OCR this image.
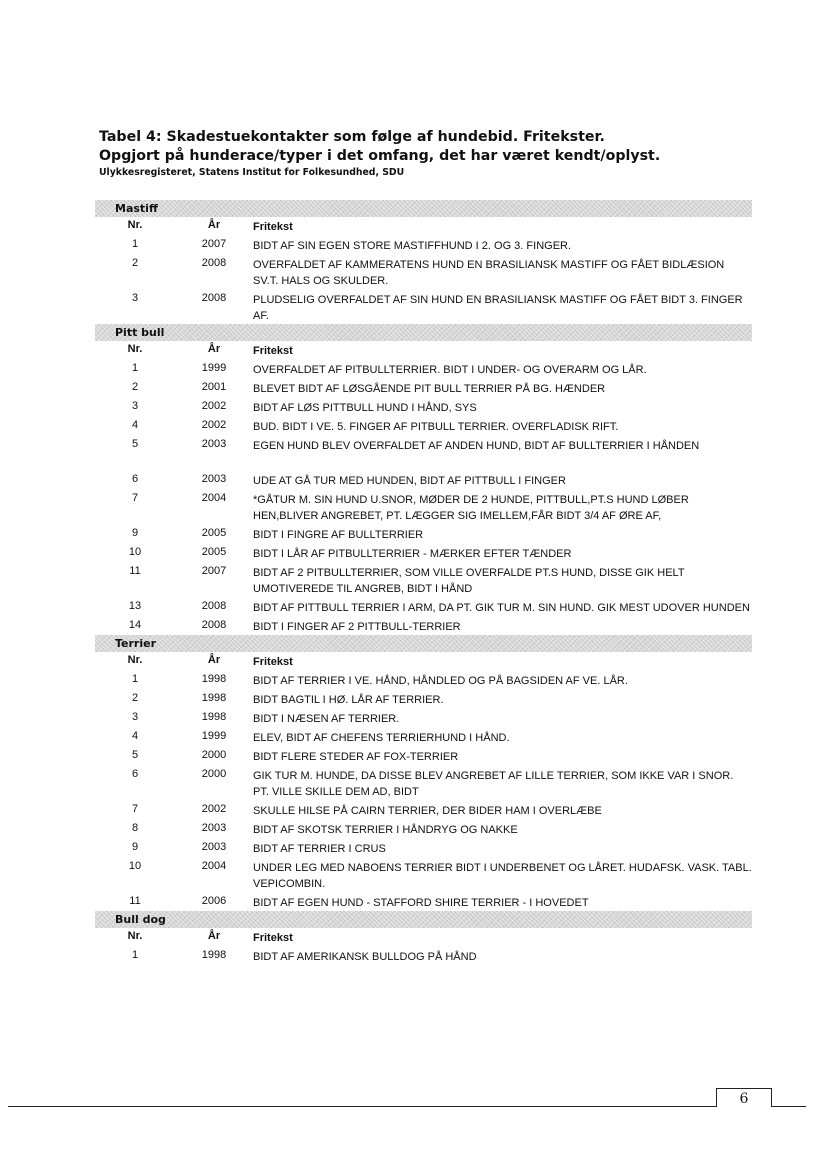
Tabel 4: Skadestuekontakter som følge af hundebid. Fritekster.
Opgjort på hunderace/typer i det omfang, det har været kendt/oplyst.
Ulykkesregisteret, Statens Institut for Folkesundhed, SDU
Mastiff
Nr.	År	Fritekst
1	2007	BIDT AF SIN EGEN STORE MASTIFFHUND I 2. OG 3. FINGER.
2	2008	OVERFALDET AF KAMMERATENS HUND EN BRASILIANSK MASTIFF OG FÅET BIDLÆSION SV.T. HALS OG SKULDER.
3	2008	PLUDSELIG OVERFALDET AF SIN HUND EN BRASILIANSK MASTIFF OG FÅET BIDT 3. FINGER AF.
Pitt bull
Nr.	År	Fritekst
1	1999	OVERFALDET AF PITBULLTERRIER. BIDT I UNDER- OG OVERARM OG LÅR.
2	2001	BLEVET BIDT AF LØSGÅENDE PIT BULL TERRIER PÅ BG. HÆNDER
3	2002	BIDT AF LØS PITTBULL HUND I HÅND, SYS
4	2002	BUD. BIDT I VE. 5. FINGER AF PITBULL TERRIER. OVERFLADISK RIFT.
5	2003	EGEN HUND BLEV OVERFALDET AF ANDEN HUND, BIDT AF BULLTERRIER I HÅNDEN
6	2003	UDE AT GÅ TUR MED HUNDEN, BIDT AF PITTBULL I FINGER
7	2004	*GÅTUR M. SIN HUND U.SNOR, MØDER DE 2 HUNDE, PITTBULL,PT.S HUND LØBER HEN,BLIVER ANGREBET, PT. LÆGGER SIG IMELLEM,FÅR BIDT 3/4 AF ØRE AF,
9	2005	BIDT I FINGRE AF BULLTERRIER
10	2005	BIDT I LÅR AF PITBULLTERRIER - MÆRKER EFTER TÆNDER
11	2007	BIDT AF 2 PITBULLTERRIER, SOM VILLE OVERFALDE PT.S HUND, DISSE GIK HELT UMOTIVEREDE TIL ANGREB, BIDT I HÅND
13	2008	BIDT AF PITTBULL TERRIER I ARM, DA PT. GIK TUR M. SIN HUND. GIK MEST UDOVER HUNDEN
14	2008	BIDT I FINGER AF 2 PITTBULL-TERRIER
Terrier
Nr.	År	Fritekst
1	1998	BIDT AF TERRIER I VE. HÅND, HÅNDLED OG PÅ BAGSIDEN AF VE. LÅR.
2	1998	BIDT BAGTIL I HØ. LÅR AF TERRIER.
3	1998	BIDT I NÆSEN AF TERRIER.
4	1999	ELEV, BIDT AF CHEFENS TERRIERHUND I HÅND.
5	2000	BIDT FLERE STEDER AF FOX-TERRIER
6	2000	GIK TUR M. HUNDE, DA DISSE BLEV ANGREBET AF LILLE TERRIER, SOM IKKE VAR I SNOR. PT. VILLE SKILLE DEM AD, BIDT
7	2002	SKULLE HILSE PÅ CAIRN TERRIER, DER BIDER HAM I OVERLÆBE
8	2003	BIDT AF SKOTSK TERRIER I HÅNDRYG OG NAKKE
9	2003	BIDT AF TERRIER I CRUS
10	2004	UNDER LEG MED NABOENS TERRIER BIDT I UNDERBENET OG LÅRET. HUDAFSK. VASK. TABL. VEPICOMBIN.
11	2006	BIDT AF EGEN HUND - STAFFORD SHIRE TERRIER - I HOVEDET
Bull dog
Nr.	År	Fritekst
1	1998	BIDT AF AMERIKANSK BULLDOG PÅ HÅND
6
